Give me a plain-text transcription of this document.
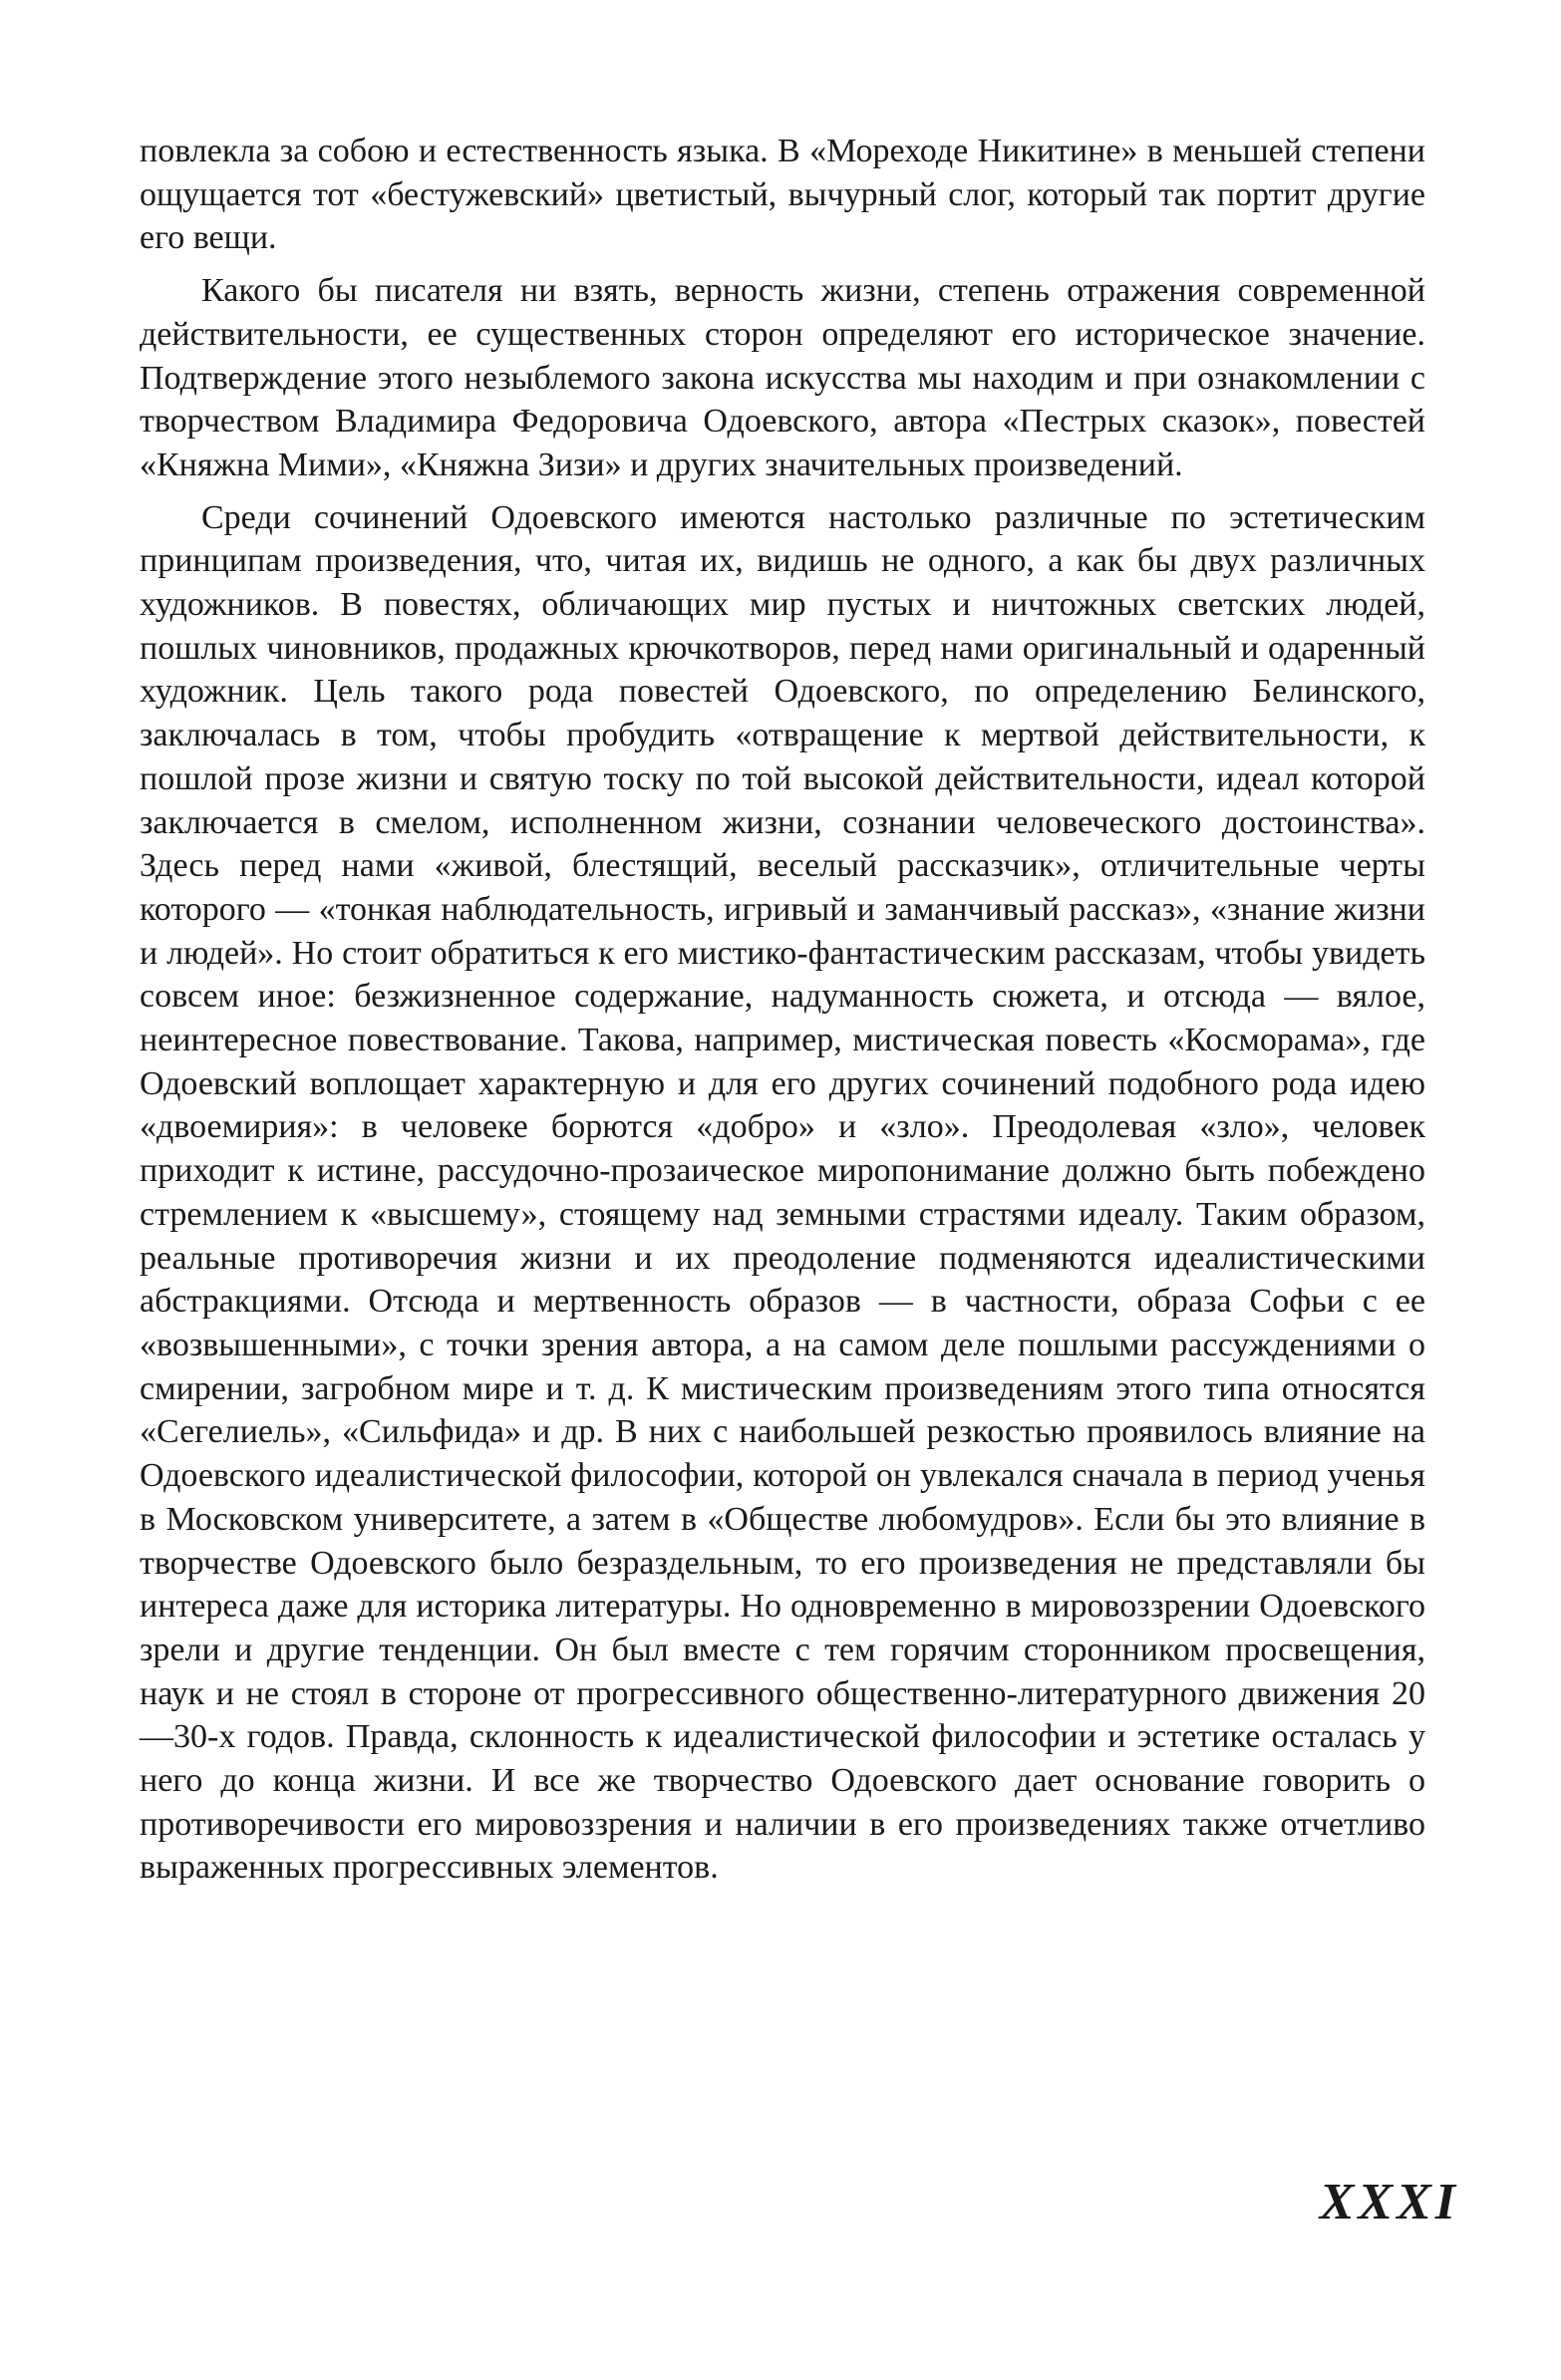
повлекла за собою и естественность языка. В «Мореходе Никитине» в меньшей степени ощущается тот «бестужевский» цветистый, вычурный слог, который так портит другие его вещи.

Какого бы писателя ни взять, верность жизни, степень отражения современной действительности, ее существенных сторон определяют его историческое значение. Подтверждение этого незыблемого закона искусства мы находим и при ознакомлении с творчеством Владимира Федоровича Одоевского, автора «Пестрых сказок», повестей «Княжна Мими», «Княжна Зизи» и других значительных произведений.

Среди сочинений Одоевского имеются настолько различные по эстетическим принципам произведения, что, читая их, видишь не одного, а как бы двух различных художников. В повестях, обличающих мир пустых и ничтожных светских людей, пошлых чиновников, продажных крючкотворов, перед нами оригинальный и одаренный художник. Цель такого рода повестей Одоевского, по определению Белинского, заключалась в том, чтобы пробудить «отвращение к мертвой действительности, к пошлой прозе жизни и святую тоску по той высокой действительности, идеал которой заключается в смелом, исполненном жизни, сознании человеческого достоинства». Здесь перед нами «живой, блестящий, веселый рассказчик», отличительные черты которого — «тонкая наблюдательность, игривый и заманчивый рассказ», «знание жизни и людей». Но стоит обратиться к его мистико-фантастическим рассказам, чтобы увидеть совсем иное: безжизненное содержание, надуманность сюжета, и отсюда — вялое, неинтересное повествование. Такова, например, мистическая повесть «Косморама», где Одоевский воплощает характерную и для его других сочинений подобного рода идею «двоемирия»: в человеке борются «добро» и «зло». Преодолевая «зло», человек приходит к истине, рассудочно-прозаическое миропонимание должно быть побеждено стремлением к «высшему», стоящему над земными страстями идеалу. Таким образом, реальные противоречия жизни и их преодоление подменяются идеалистическими абстракциями. Отсюда и мертвенность образов — в частности, образа Софьи с ее «возвышенными», с точки зрения автора, а на самом деле пошлыми рассуждениями о смирении, загробном мире и т. д. К мистическим произведениям этого типа относятся «Сегелиель», «Сильфида» и др. В них с наибольшей резкостью проявилось влияние на Одоевского идеалистической философии, которой он увлекался сначала в период ученья в Московском университете, а затем в «Обществе любомудров». Если бы это влияние в творчестве Одоевского было безраздельным, то его произведения не представляли бы интереса даже для историка литературы. Но одновременно в мировоззрении Одоевского зрели и другие тенденции. Он был вместе с тем горячим сторонником просвещения, наук и не стоял в стороне от прогрессивного общественно-литературного движения 20—30-х годов. Правда, склонность к идеалистической философии и эстетике осталась у него до конца жизни. И все же творчество Одоевского дает основание говорить о противоречивости его мировоззрения и наличии в его произведениях также отчетливо выраженных прогрессивных элементов.

XXXI
